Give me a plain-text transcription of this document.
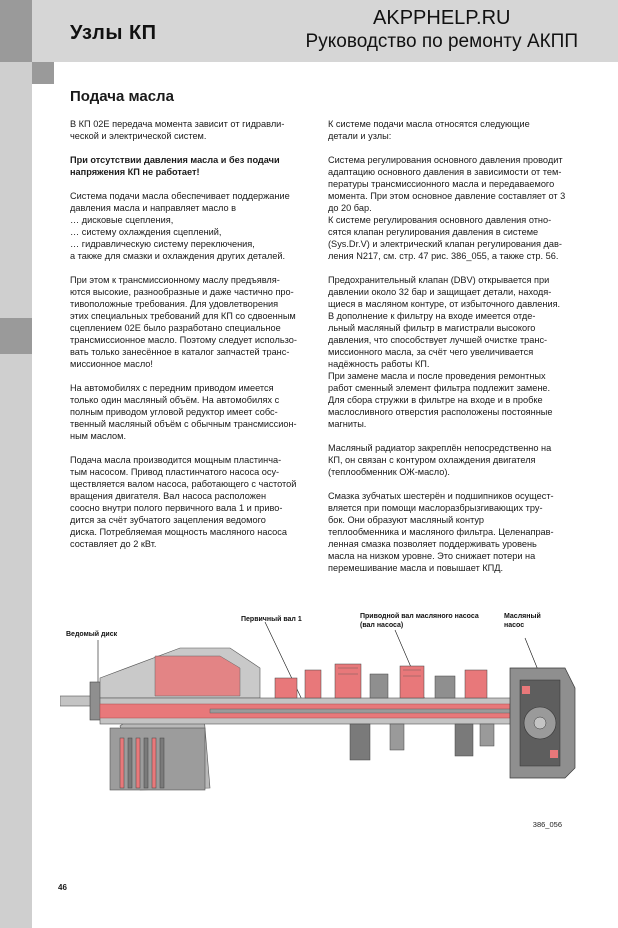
Узлы КП
AKPPHELP.RU
Руководство по ремонту АКПП
Подача масла

В КП 02E передача момента зависит от гидравли-
ческой и электрической систем.

При отсутствии давления масла и без подачи
напряжения КП не работает!

Система подачи масла обеспечивает поддержание
давления масла и направляет масло в
… дисковые сцепления,
… систему охлаждения сцеплений,
… гидравлическую систему переключения,
а также для смазки и охлаждения других деталей.

При этом к трансмиссионному маслу предъявля-
ются высокие, разнообразные и даже частично про-
тивоположные требования. Для удовлетворения
этих специальных требований для КП со сдвоенным
сцеплением 02E было разработано специальное
трансмиссионное масло. Поэтому следует использо-
вать только занесённое в каталог запчастей транс-
миссионное масло!

На автомобилях с передним приводом имеется
только один масляный объём. На автомобилях с
полным приводом угловой редуктор имеет собс-
твенный масляный объём с обычным трансмиссион-
ным маслом.

Подача масла производится мощным пластинча-
тым насосом. Привод пластинчатого насоса осу-
ществляется валом насоса, работающего с частотой
вращения двигателя. Вал насоса расположен
соосно внутри полого первичного вала 1 и приво-
дится за счёт зубчатого зацепления ведомого
диска. Потребляемая мощность масляного насоса
составляет до 2 кВт.

К системе подачи масла относятся следующие
детали и узлы:

Система регулирования основного давления проводит
адаптацию основного давления в зависимости от тем-
пературы трансмиссионного масла и передаваемого
момента. При этом основное давление составляет от 3
до 20 бар.
К системе регулирования основного давления отно-
сятся клапан регулирования давления в системе
(Sys.Dr.V) и электрический клапан регулирования дав-
ления N217, см. стр. 47 рис. 386_055, а также стр. 56.

Предохранительный клапан (DBV) открывается при
давлении около 32 бар и защищает детали, находя-
щиеся в масляном контуре, от избыточного давления.
В дополнение к фильтру на входе имеется отде-
льный масляный фильтр в магистрали высокого
давления, что способствует лучшей очистке транс-
миссионного масла, за счёт чего увеличивается
надёжность работы КП.
При замене масла и после проведения ремонтных
работ сменный элемент фильтра подлежит замене.
Для сбора стружки в фильтре на входе и в пробке
маслосливного отверстия расположены постоянные
магниты.

Масляный радиатор закреплён непосредственно на
КП, он связан с контуром охлаждения двигателя
(теплообменник ОЖ-масло).

Смазка зубчатых шестерён и подшипников осущест-
вляется при помощи маслоразбрызгивающих тру-
бок. Они образуют масляный контур
теплообменника и масляного фильтра. Целенаправ-
ленная смазка позволяет поддерживать уровень
масла на низком уровне. Это снижает потери на
перемешивание масла и повышает КПД.

Ведомый диск
Первичный вал 1	Приводной вал масляного насоса
(вал насоса)
Масляный
насос
386_056
46
